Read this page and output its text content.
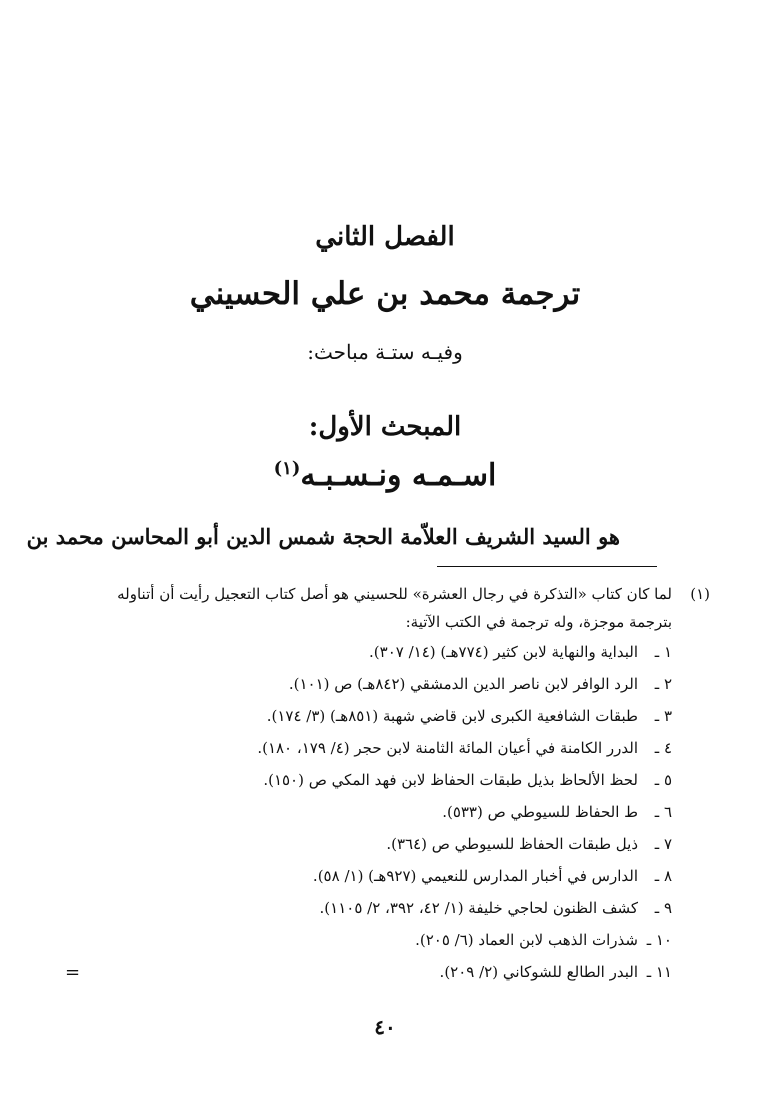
الفصل الثاني
ترجمة محمد بن علي الحسيني
وفيـه ستـة مباحث:
المبحث الأول:
اسـمـه ونـسـبـه$^{(١)}$
هو السيد الشريف العلاّمة الحجة شمس الدين أبو المحاسن محمد بن
(١)

لما كان كتاب «التذكرة في رجال العشرة» للحسيني هو أصل كتاب التعجيل رأيت أن أتناوله

بترجمة موجزة، وله ترجمة في الكتب الآتية:

١ ـ
البداية والنهاية لابن كثير (٧٧٤هـ) (١٤/ ٣٠٧).
٢ ـ
الرد الوافر لابن ناصر الدين الدمشقي (٨٤٢هـ) ص (١٠١).
٣ ـ
طبقات الشافعية الكبرى لابن قاضي شهبة (٨٥١هـ) (٣/ ١٧٤).
٤ ـ
الدرر الكامنة في أعيان المائة الثامنة لابن حجر (٤/ ١٧٩، ١٨٠).
٥ ـ
لحظ الألحاظ بذيل طبقات الحفاظ لابن فهد المكي ص (١٥٠).
٦ ـ
ط الحفاظ للسيوطي ص (٥٣٣).
٧ ـ
ذيل طبقات الحفاظ للسيوطي ص (٣٦٤).
٨ ـ
الدارس في أخبار المدارس للنعيمي (٩٢٧هـ) (١/ ٥٨).
٩ ـ
كشف الظنون لحاجي خليفة (١/ ٤٢، ٣٩٢، ٢/ ١١٠٥).
١٠ ـ
شذرات الذهب لابن العماد (٦/ ٢٠٥).
١١ ـ
البدر الطالع للشوكاني (٢/ ٢٠٩).
=
٤٠
